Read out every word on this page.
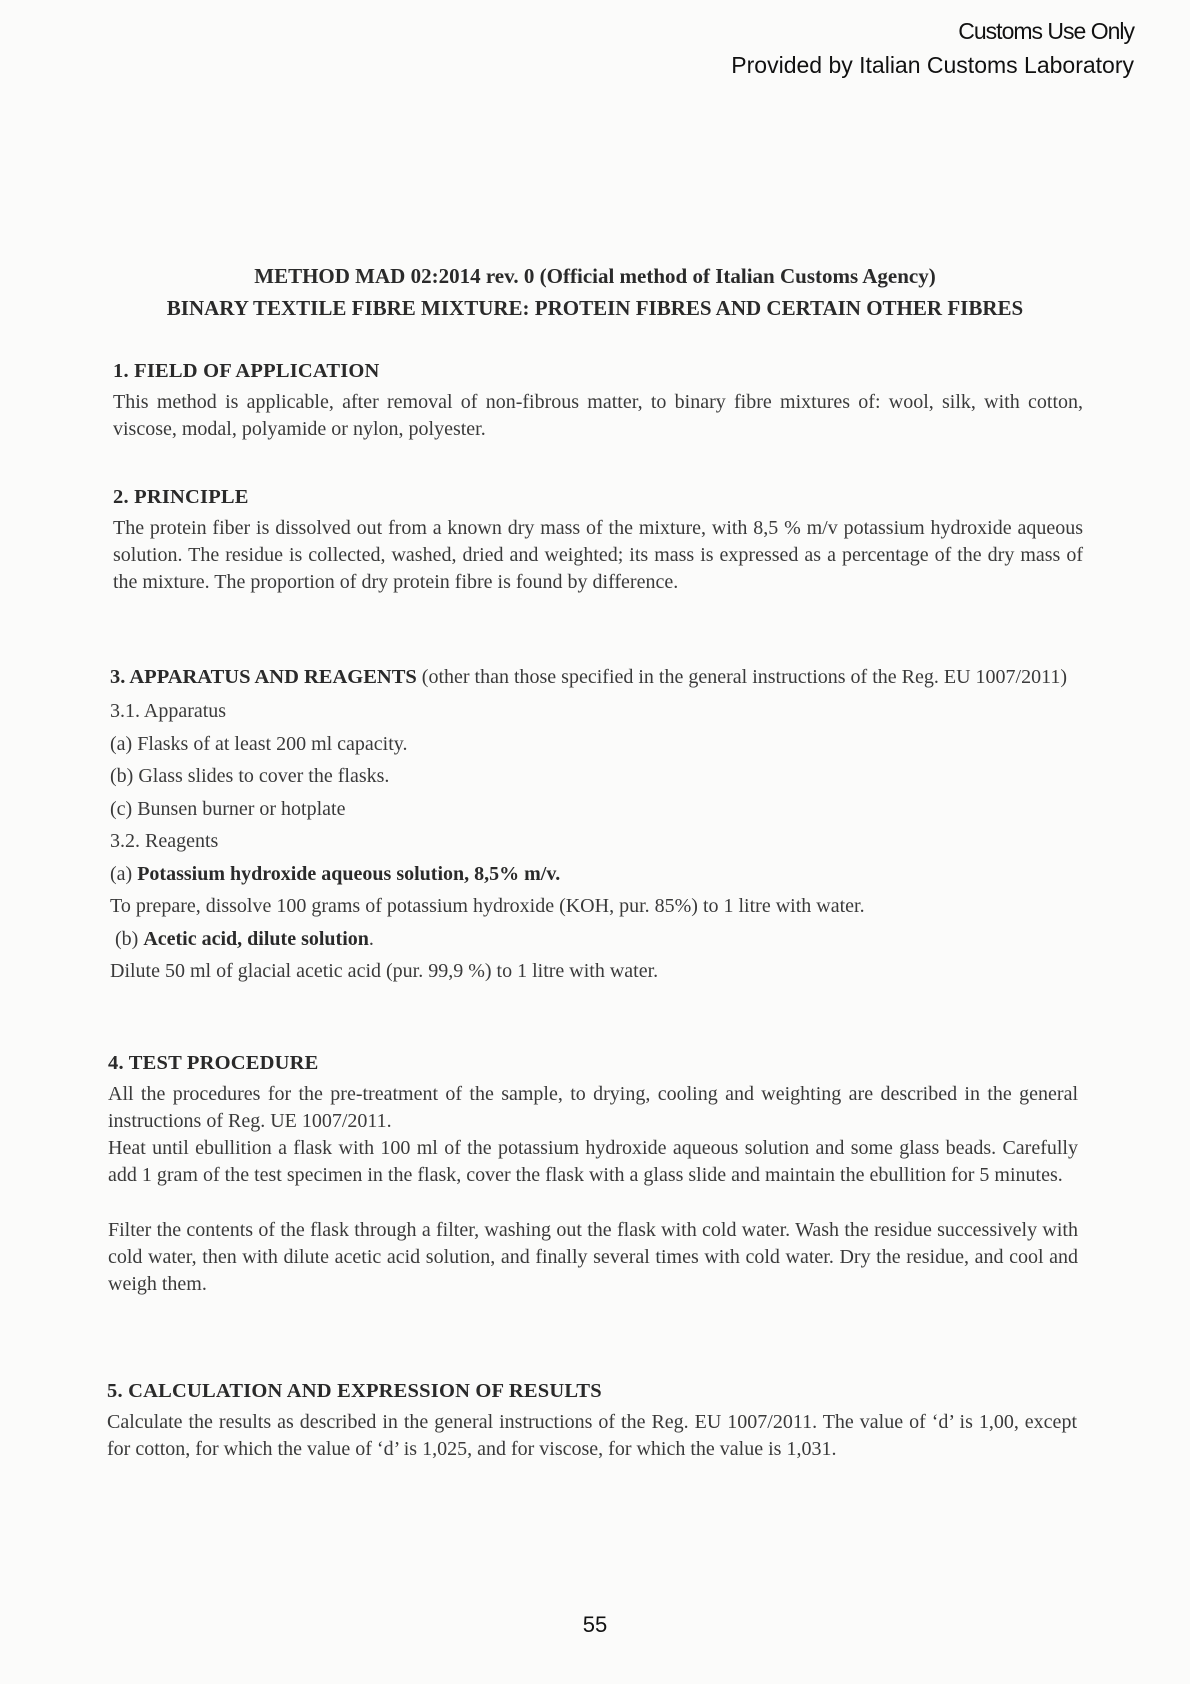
Customs Use Only
Provided by Italian Customs Laboratory
METHOD MAD 02:2014 rev. 0 (Official method of Italian Customs Agency)
BINARY TEXTILE FIBRE MIXTURE: PROTEIN FIBRES AND CERTAIN OTHER FIBRES
1. FIELD OF APPLICATION

This method is applicable, after removal of non-fibrous matter, to binary fibre mixtures of: wool, silk, with cotton, viscose, modal, polyamide or nylon, polyester.

2. PRINCIPLE

The protein fiber is dissolved out from a known dry mass of the mixture, with 8,5 % m/v potassium hydroxide aqueous solution. The residue is collected, washed, dried and weighted; its mass is expressed as a percentage of the dry mass of the mixture. The proportion of dry protein fibre is found by difference.

3. APPARATUS AND REAGENTS (other than those specified in the general instructions of the Reg. EU 1007/2011)

3.1. Apparatus
(a) Flasks of at least 200 ml capacity.
(b) Glass slides to cover the flasks.
(c) Bunsen burner or hotplate
3.2. Reagents
(a) Potassium hydroxide aqueous solution, 8,5% m/v.
To prepare, dissolve 100 grams of potassium hydroxide (KOH, pur. 85%) to 1 litre with water.
(b) Acetic acid, dilute solution.
Dilute 50 ml of glacial acetic acid (pur. 99,9 %) to 1 litre with water.
4. TEST PROCEDURE

All the procedures for the pre-treatment of the sample, to drying, cooling and weighting are described in the general instructions of Reg. UE 1007/2011.

Heat until ebullition a flask with 100 ml of the potassium hydroxide aqueous solution and some glass beads. Carefully add 1 gram of the test specimen in the flask, cover the flask with a glass slide and maintain the ebullition for 5 minutes.

Filter the contents of the flask through a filter, washing out the flask with cold water. Wash the residue successively with cold water, then with dilute acetic acid solution, and finally several times with cold water. Dry the residue, and cool and weigh them.

5. CALCULATION AND EXPRESSION OF RESULTS

Calculate the results as described in the general instructions of the Reg. EU 1007/2011. The value of ‘d’ is 1,00, except for cotton, for which the value of ‘d’ is 1,025, and for viscose, for which the value is 1,031.

55
